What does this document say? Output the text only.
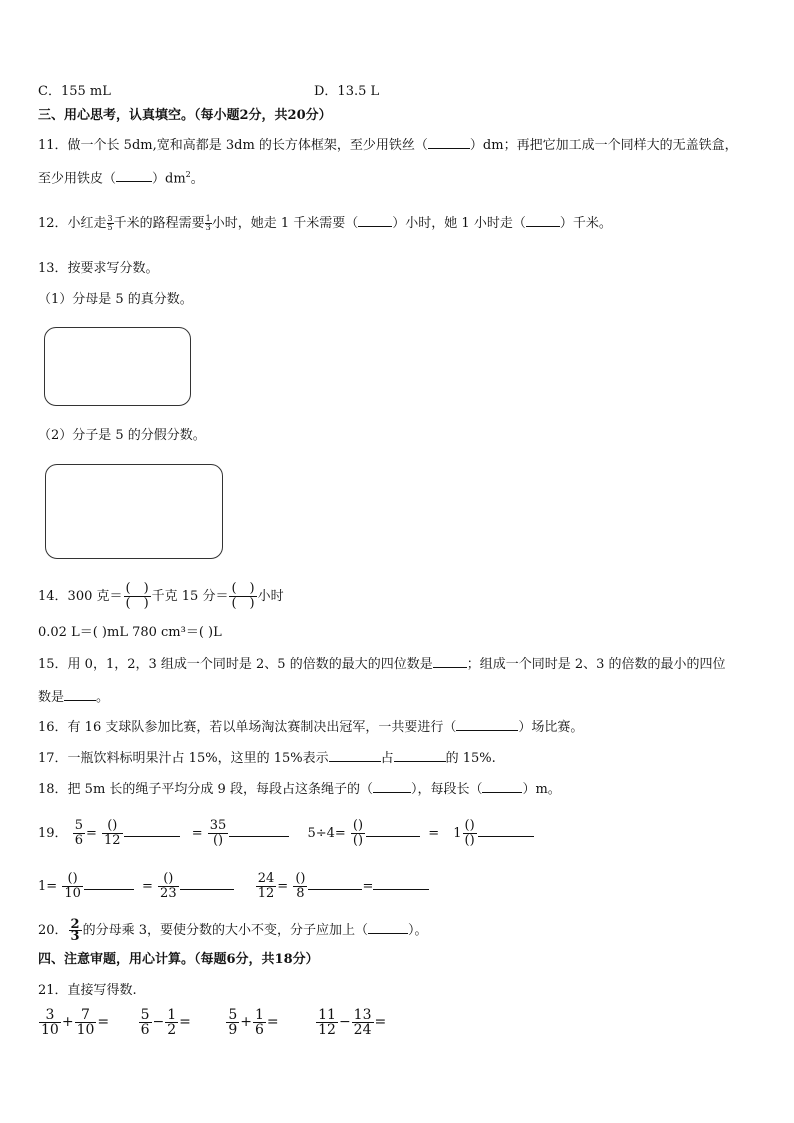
C．155 mL	D．13.5 L
三、用心思考，认真填空。（每小题2分，共20分）
11．做一个长 5dm,宽和高都是 3dm 的长方体框架，至少用铁丝（	）dm；再把它加工成一个同样大的无盖铁盒，
至少用铁皮（	）$dm^2$。
12．小红走 $\frac{3}{5}$ 千米的路程需要 $\frac{1}{3}$ 小时，她走 1 千米需要（	）小时，她 1 小时走（	）千米。
13．按要求写分数。
（1）分母是 5 的真分数。
（2）分子是 5 的分假分数。
14．300 克＝ $\frac{( )}{( )}$ 千克 15 分＝ $\frac{( )}{( )}$ 小时
0.02 L＝( )mL 780 cm³＝( )L
15．用 0，1，2，3 组成一个同时是 2、5 的倍数的最大的四位数是	；组成一个同时是 2、3 的倍数的最小的四位
数是 。
16．有 16 支球队参加比赛，若以单场淘汰赛制决出冠军，一共要进行（	）场比赛。
17．一瓶饮料标明果汁占 15%，这里的 15%表示	占	的 15%.
18．把 5m 长的绳子平均分成 9 段，每段占这条绳子的（	），每段长（	）m。
19． $\frac{5}{6} = \frac{()}{12}$	= $\frac{35}{()}$	$5\div 4= \frac{()}{()}$	= $1 \frac{()}{()}$
$1= \frac{()}{10}$	= $\frac{()}{23}$
	$\frac{24}{12} = \frac{()}{8}$	=
20． $\frac{2}{3}$ 的分母乘 3，要使分数的大小不变，分子应加上（	）。
四、注意审题，用心计算。（每题6分，共18分）
21．直接写得数.
$\frac{3}{10} + \frac{7}{10} = \frac{5}{6} - \frac{1}{2}$ =	$\frac{5}{9} + \frac{1}{6}$ =	$\frac{11}{12} - \frac{13}{24}$ =
